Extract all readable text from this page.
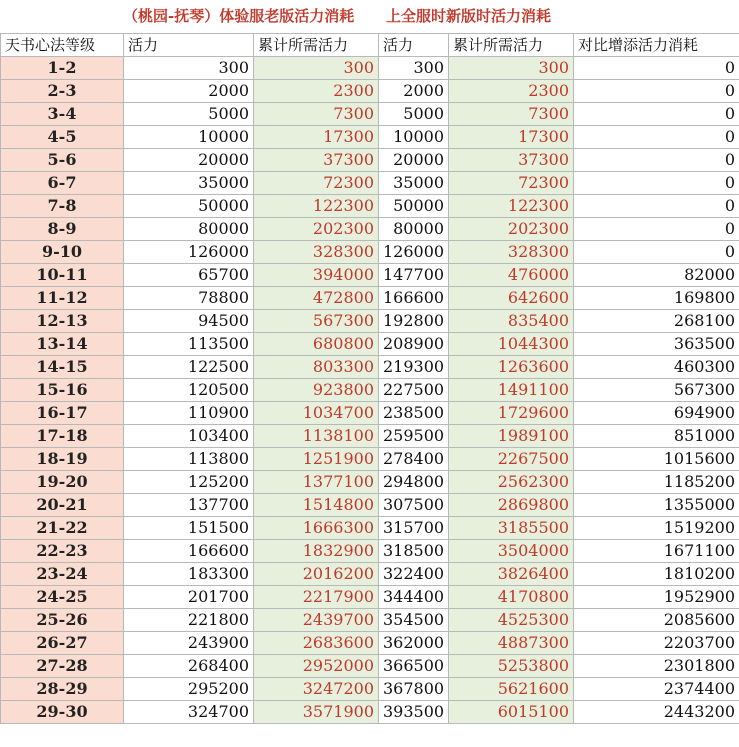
（桃园-抚琴）体验服老版活力消耗	上全服时新版时活力消耗
天书心法等级	活力	累计所需活力	活力	累计所需活力	对比增添活力消耗
1-2	300	300	300	300	0
2-3	2000	2300	2000	2300	0
3-4	5000	7300	5000	7300	0
4-5	10000	17300	10000	17300	0
5-6	20000	37300	20000	37300	0
6-7	35000	72300	35000	72300	0
7-8	50000	122300	50000	122300	0
8-9	80000	202300	80000	202300	0
9-10	126000	328300	126000	328300	0
10-11	65700	394000	147700	476000	82000
11-12	78800	472800	166600	642600	169800
12-13	94500	567300	192800	835400	268100
13-14	113500	680800	208900	1044300	363500
14-15	122500	803300	219300	1263600	460300
15-16	120500	923800	227500	1491100	567300
16-17	110900	1034700	238500	1729600	694900
17-18	103400	1138100	259500	1989100	851000
18-19	113800	1251900	278400	2267500	1015600
19-20	125200	1377100	294800	2562300	1185200
20-21	137700	1514800	307500	2869800	1355000
21-22	151500	1666300	315700	3185500	1519200
22-23	166600	1832900	318500	3504000	1671100
23-24	183300	2016200	322400	3826400	1810200
24-25	201700	2217900	344400	4170800	1952900
25-26	221800	2439700	354500	4525300	2085600
26-27	243900	2683600	362000	4887300	2203700
27-28	268400	2952000	366500	5253800	2301800
28-29	295200	3247200	367800	5621600	2374400
29-30	324700	3571900	393500	6015100	2443200
